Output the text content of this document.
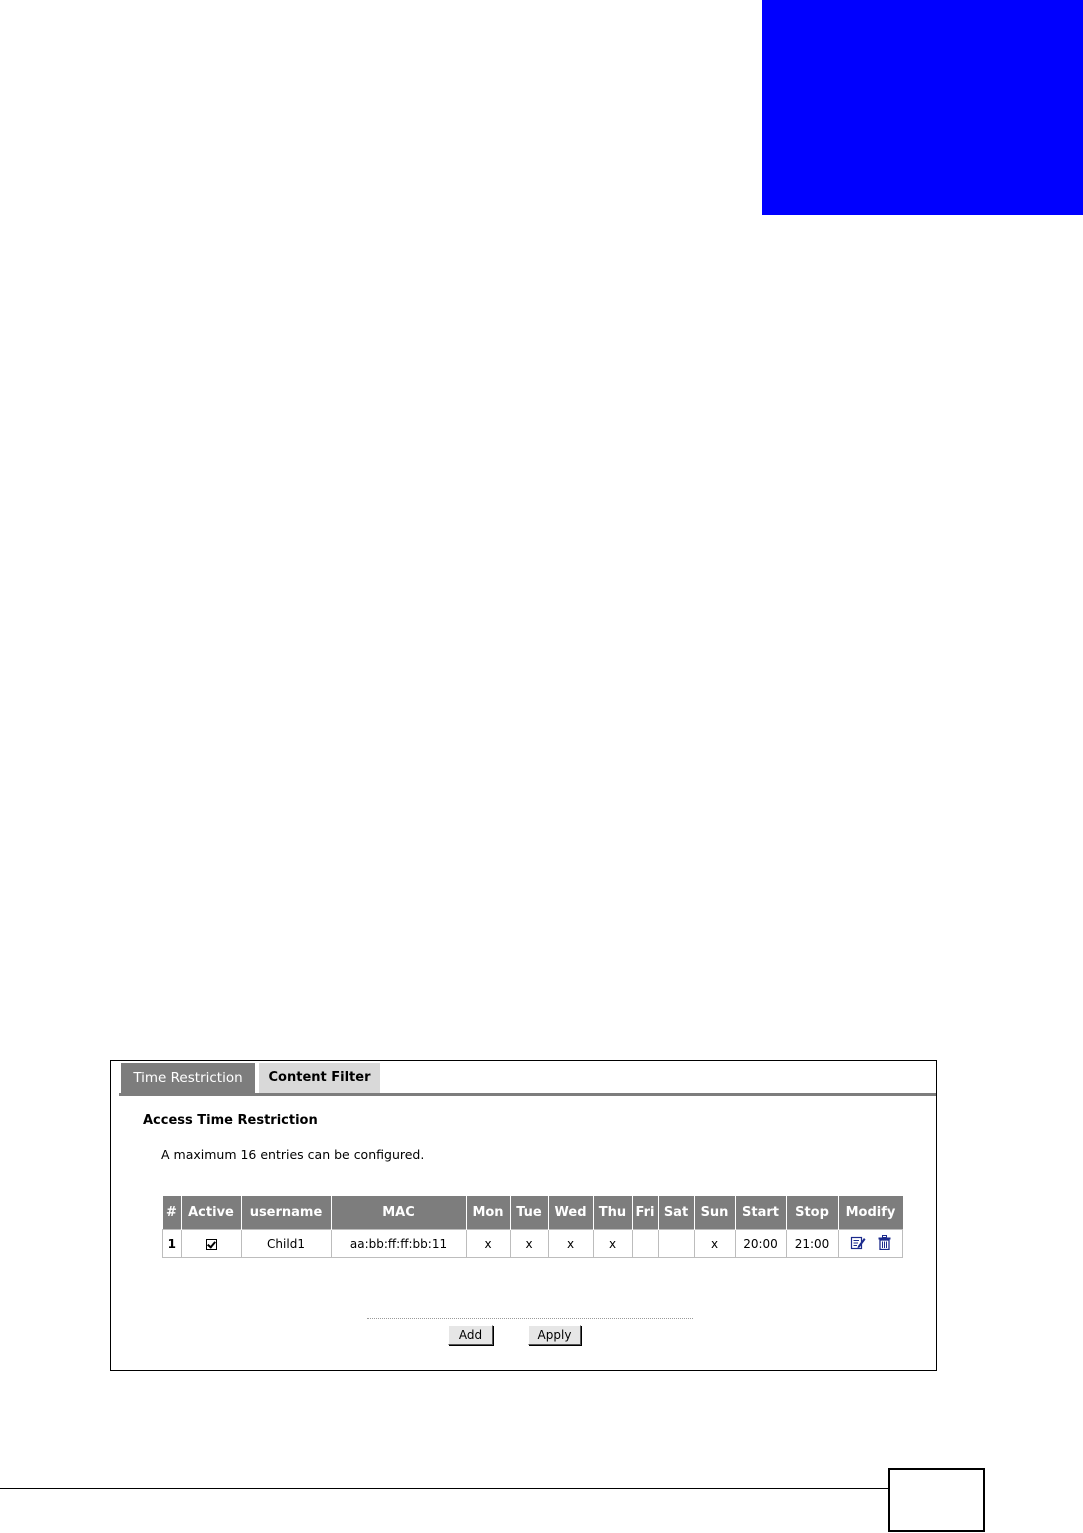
Time Restriction	Content Filter
Access Time Restriction
A maximum 16 entries can be configured.
#	Active	username	MAC	Mon	Tue	Wed	Thu	Fri	Sat	Sun	Start	Stop	Modify
1		Child1	aa:bb:ff:ff:bb:11	x	x	x	x			x	20:00	21:00	
Add	Apply
